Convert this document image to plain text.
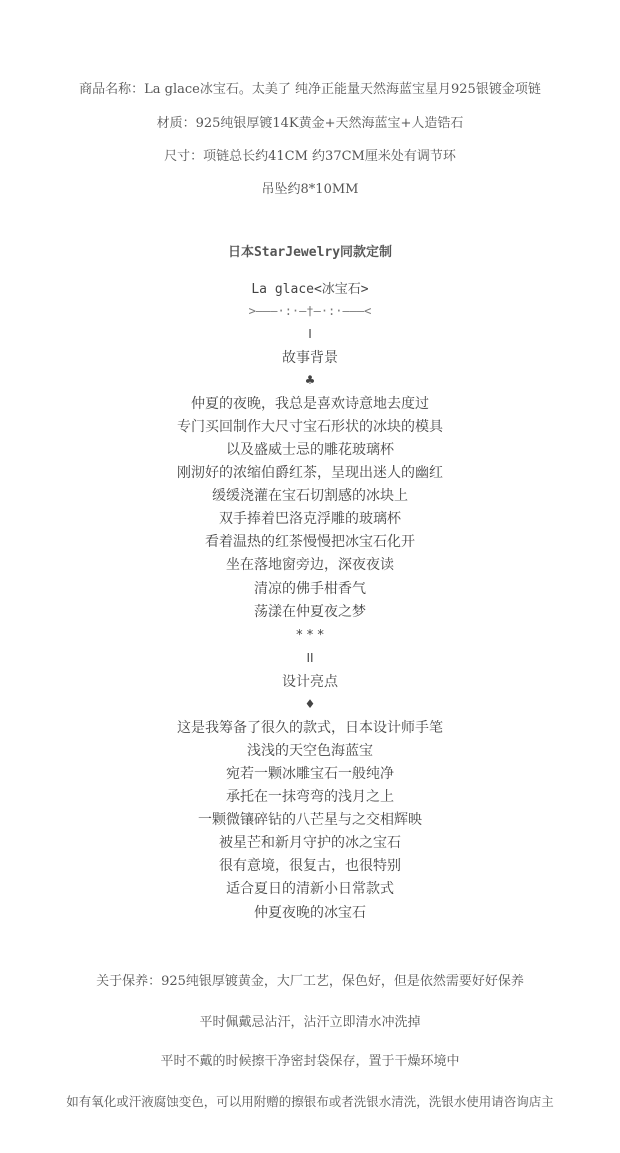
商品名称：La glace冰宝石。太美了 纯净正能量天然海蓝宝星月925银镀金项链
材质：925纯银厚镀14K黄金+天然海蓝宝+人造锆石
尺寸：项链总长约41CM 约37CM厘米处有调节环
吊坠约8*10MM
日本StarJewelry同款定制
La glace<冰宝石>
>———·:·—†—·:·———<
I
故事背景
♣
仲夏的夜晚，我总是喜欢诗意地去度过
专门买回制作大尺寸宝石形状的冰块的模具
以及盛威士忌的雕花玻璃杯
刚沏好的浓缩伯爵红茶，呈现出迷人的幽红
缓缓浇灌在宝石切割感的冰块上
双手捧着巴洛克浮雕的玻璃杯
看着温热的红茶慢慢把冰宝石化开
坐在落地窗旁边，深夜夜读
清凉的佛手柑香气
荡漾在仲夏夜之梦
* * *
II
设计亮点
♦
这是我筹备了很久的款式，日本设计师手笔
浅浅的天空色海蓝宝
宛若一颗冰雕宝石一般纯净
承托在一抹弯弯的浅月之上
一颗微镶碎钻的八芒星与之交相辉映
被星芒和新月守护的冰之宝石
很有意境，很复古，也很特别
适合夏日的清新小日常款式
仲夏夜晚的冰宝石
关于保养：925纯银厚镀黄金，大厂工艺，保色好，但是依然需要好好保养
平时佩戴忌沾汗，沾汗立即清水冲洗掉
平时不戴的时候擦干净密封袋保存，置于干燥环境中
如有氧化或汗液腐蚀变色，可以用附赠的擦银布或者洗银水清洗，洗银水使用请咨询店主
